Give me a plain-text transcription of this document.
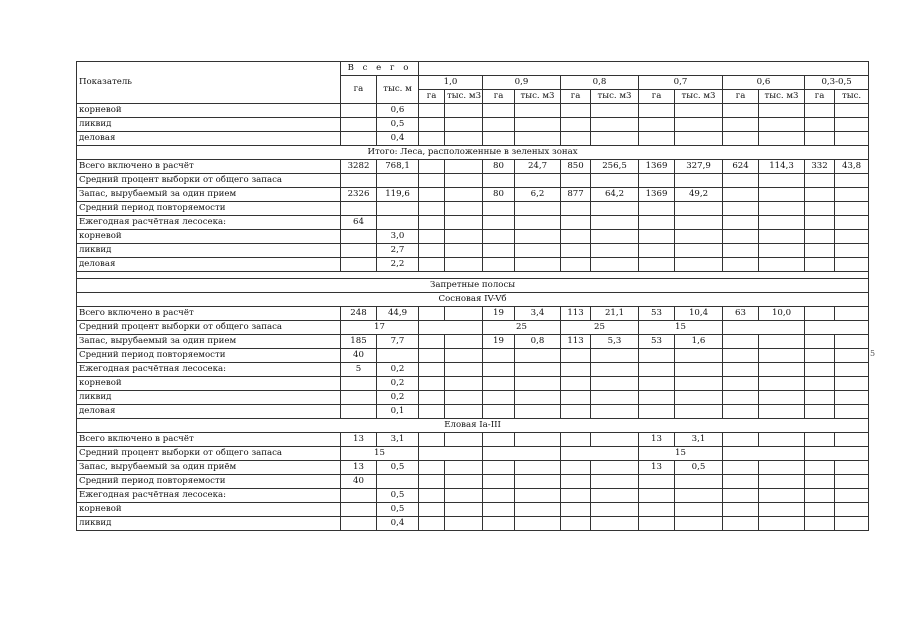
Показатель	В с е г о													
	га	тыс. м	1,0		0,9		0,8		0,7		0,6		0,3-0,5	
			га	тыс. м3	га	тыс. м3	га	тыс. м3	га	тыс. м3	га	тыс. м3	га	тыс.
корневой		0,6												
ликвид		0,5												
деловая		0,4												
Итого: Леса, расположенные в зеленых зонах														
Всего включено в расчёт	3282	768,1			80	24,7	850	256,5	1369	327,9	624	114,3	332	43,8
Средний процент выборки от общего запаса														
Запас, вырубаемый за один прием	2326	119,6			80	6,2	877	64,2	1369	49,2				
Средний период повторяемости														
Ежегодная расчётная лесосека:	64													
корневой		3,0												
ликвид		2,7												
деловая		2,2												

Запретные полосы														
Сосновая IV-Vб														
Всего включено в расчёт	248	44,9			19	3,4	113	21,1	53	10,4	63	10,0		
Средний процент выборки от общего запаса	17				25		25		15					
Запас, вырубаемый за один прием	185	7,7			19	0,8	113	5,3	53	1,6				
Средний период повторяемости	40													
Ежегодная расчётная лесосека:	5	0,2												
корневой		0,2												
ликвид		0,2												
деловая		0,1												
Еловая Iа-III														
Всего включено в расчёт	13	3,1							13	3,1				
Средний процент выборки от общего запаса	15								15					
Запас, вырубаемый за один приём	13	0,5							13	0,5				
Средний период повторяемости	40													
Ежегодная расчётная лесосека:		0,5												
корневой		0,5												
ликвид		0,4												
5
